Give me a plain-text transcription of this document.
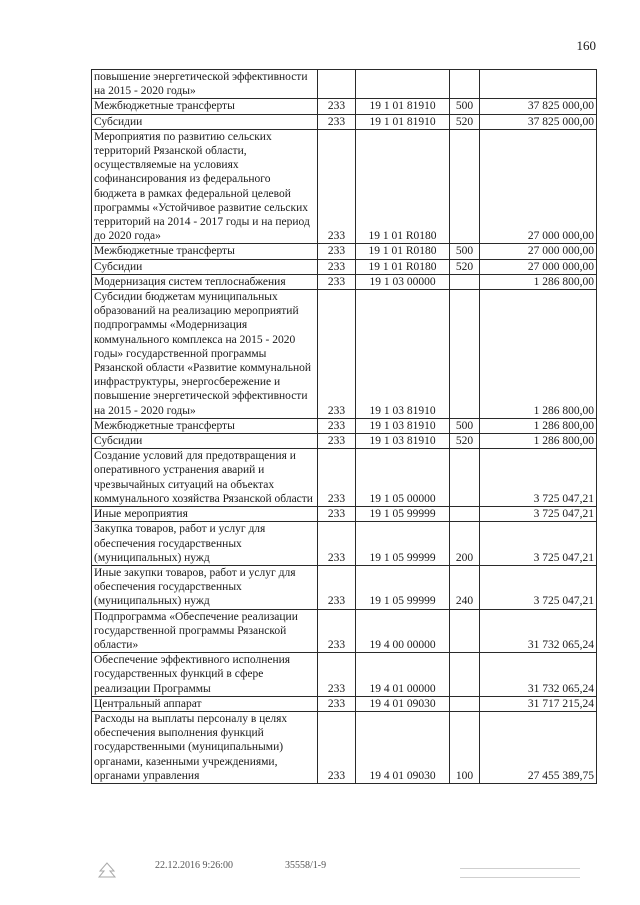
160
повышение энергетической эффективности на 2015 - 2020 годы»				
Межбюджетные трансферты	233	19 1 01 81910	500	37 825 000,00
Субсидии	233	19 1 01 81910	520	37 825 000,00
Мероприятия по развитию сельских территорий Рязанской области, осуществляемые на условиях софинансирования из федерального бюджета в рамках федеральной целевой программы «Устойчивое развитие сельских территорий на 2014 - 2017 годы и на период до 2020 года»	233	19 1 01 R0180		27 000 000,00
Межбюджетные трансферты	233	19 1 01 R0180	500	27 000 000,00
Субсидии	233	19 1 01 R0180	520	27 000 000,00
Модернизация систем теплоснабжения	233	19 1 03 00000		1 286 800,00
Субсидии бюджетам муниципальных образований на реализацию мероприятий подпрограммы «Модернизация коммунального комплекса на 2015 - 2020 годы» государственной программы Рязанской области «Развитие коммунальной инфраструктуры, энергосбережение и повышение энергетической эффективности на 2015 - 2020 годы»	233	19 1 03 81910		1 286 800,00
Межбюджетные трансферты	233	19 1 03 81910	500	1 286 800,00
Субсидии	233	19 1 03 81910	520	1 286 800,00
Создание условий для предотвращения и оперативного устранения аварий и чрезвычайных ситуаций на объектах коммунального хозяйства Рязанской области	233	19 1 05 00000		3 725 047,21
Иные мероприятия	233	19 1 05 99999		3 725 047,21
Закупка товаров, работ и услуг для обеспечения государственных (муниципальных) нужд	233	19 1 05 99999	200	3 725 047,21
Иные закупки товаров, работ и услуг для обеспечения государственных (муниципальных) нужд	233	19 1 05 99999	240	3 725 047,21
Подпрограмма «Обеспечение реализации государственной программы Рязанской области»	233	19 4 00 00000		31 732 065,24
Обеспечение эффективного исполнения государственных функций в сфере реализации Программы	233	19 4 01 00000		31 732 065,24
Центральный аппарат	233	19 4 01 09030		31 717 215,24
Расходы на выплаты персоналу в целях обеспечения выполнения функций государственными (муниципальными) органами, казенными учреждениями, органами управления	233	19 4 01 09030	100	27 455 389,75
22.12.2016 9:26:00	35558/1-9
